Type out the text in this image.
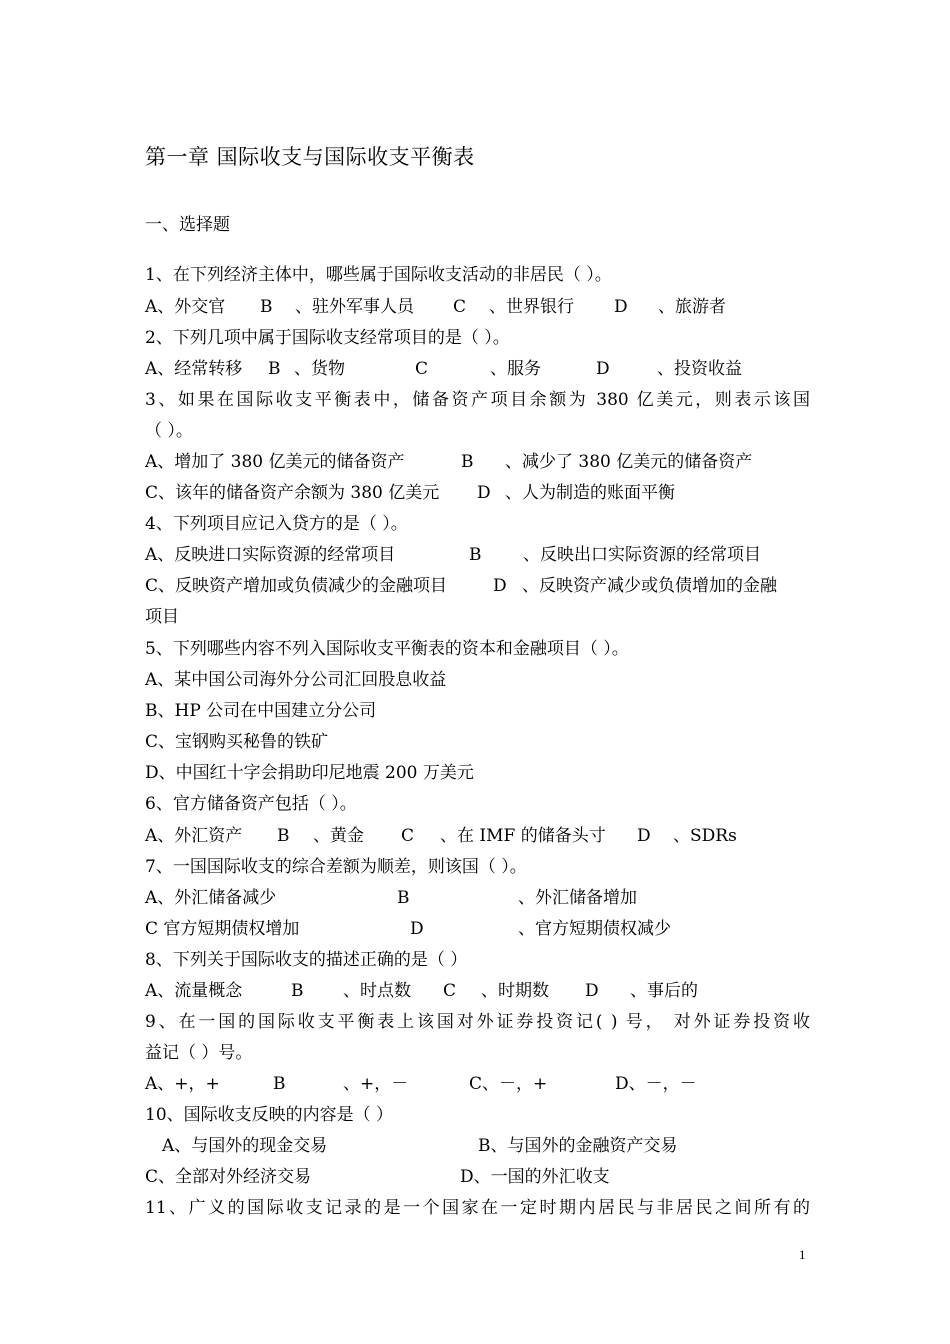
第一章 国际收支与国际收支平衡表
一、选择题
1、在下列经济主体中，哪些属于国际收支活动的非居民（ ）。
A、外交官 B 、驻外军事人员 C 、世界银行 D 、旅游者
2、下列几项中属于国际收支经常项目的是（ ）。
A、经常转移 B 、货物	C	、服务	D	、投资收益
3、如果在国际收支平衡表中，储备资产项目余额为 380 亿美元，则表示该国
（ ）。
A、增加了 380 亿美元的储备资产	B 、减少了 380 亿美元的储备资产
C、该年的储备资产余额为 380 亿美元 D 、人为制造的账面平衡
4、下列项目应记入贷方的是（ ）。
A、反映进口实际资源的经常项目	B 、反映出口实际资源的经常项目
C、反映资产增加或负债减少的金融项目	D 、反映资产减少或负债增加的金融
项目
5、下列哪些内容不列入国际收支平衡表的资本和金融项目（ ）。
A、某中国公司海外分公司汇回股息收益
B、HP 公司在中国建立分公司
C、宝钢购买秘鲁的铁矿
D、中国红十字会捐助印尼地震 200 万美元
6、官方储备资产包括（ ）。
A、外汇资产 B 、黄金 C 、在 IMF 的储备头寸 D 、SDRs
7、一国国际收支的综合差额为顺差，则该国（ ）。
A、外汇储备减少	B	、外汇储备增加
C 官方短期债权增加	D	、官方短期债权减少
8、下列关于国际收支的描述正确的是（ ）
A、流量概念	B 、时点数 C 、时期数 D 、事后的
9、在一国的国际收支平衡表上该国对外证券投资记( ) 号， 对外证券投资收
益记（ ）号。
A、+，+	B	、+，－	C、－，+	D、－，－
10、国际收支反映的内容是（ ）
A、与国外的现金交易	B、与国外的金融资产交易
C、全部对外经济交易	D、一国的外汇收支
11、广义的国际收支记录的是一个国家在一定时期内居民与非居民之间所有的
1
